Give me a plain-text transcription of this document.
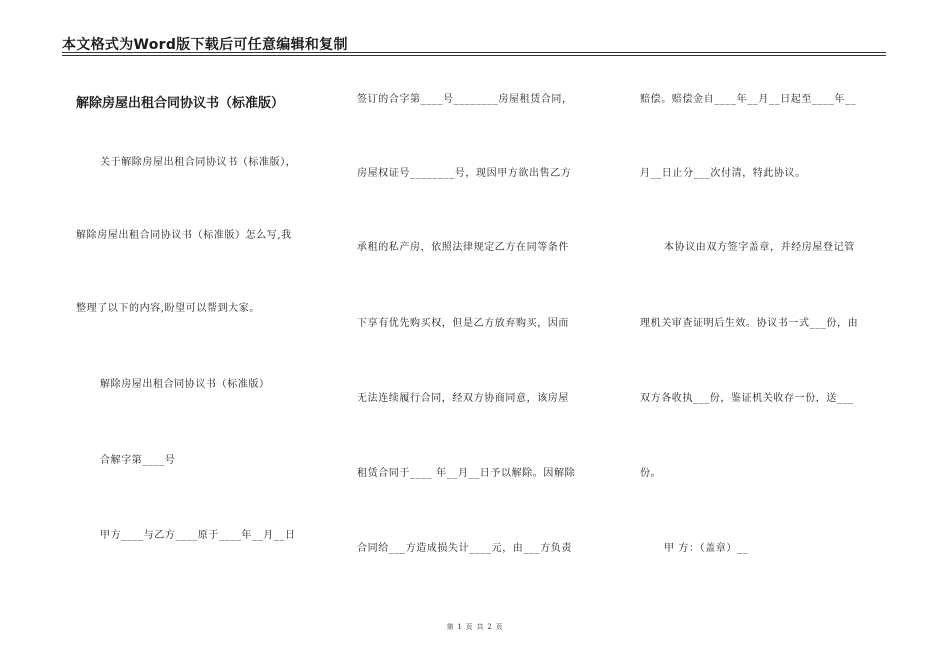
本文格式为Word版下载后可任意编辑和复制
解除房屋出租合同协议书（标准版）
关于解除房屋出租合同协议书（标准版），
解除房屋出租合同协议书（标准版）怎么写,我
整理了以下的内容,盼望可以帮到大家。
解除房屋出租合同协议书（标准版）
合解字第____号
甲方____与乙方____原于____年__月__日
签订的合字第____号________房屋租赁合同，
房屋权证号________号，现因甲方欲出售乙方
承租的私产房，依照法律规定乙方在同等条件
下享有优先购买权，但是乙方放弃购买，因而
无法连续履行合同，经双方协商同意，该房屋
租赁合同于____ 年__月__日予以解除。因解除
合同给___方造成损失计____元，由___方负责
赔偿。赔偿金自____年__月__日起至____年__
月__日止分___次付清，特此协议。
本协议由双方签字盖章，并经房屋登记管
理机关审查证明后生效。协议书一式___份，由
双方各收执___份，鉴证机关收存一份，送___
份。
甲 方：（盖章）__
第 1 页 共 2 页
